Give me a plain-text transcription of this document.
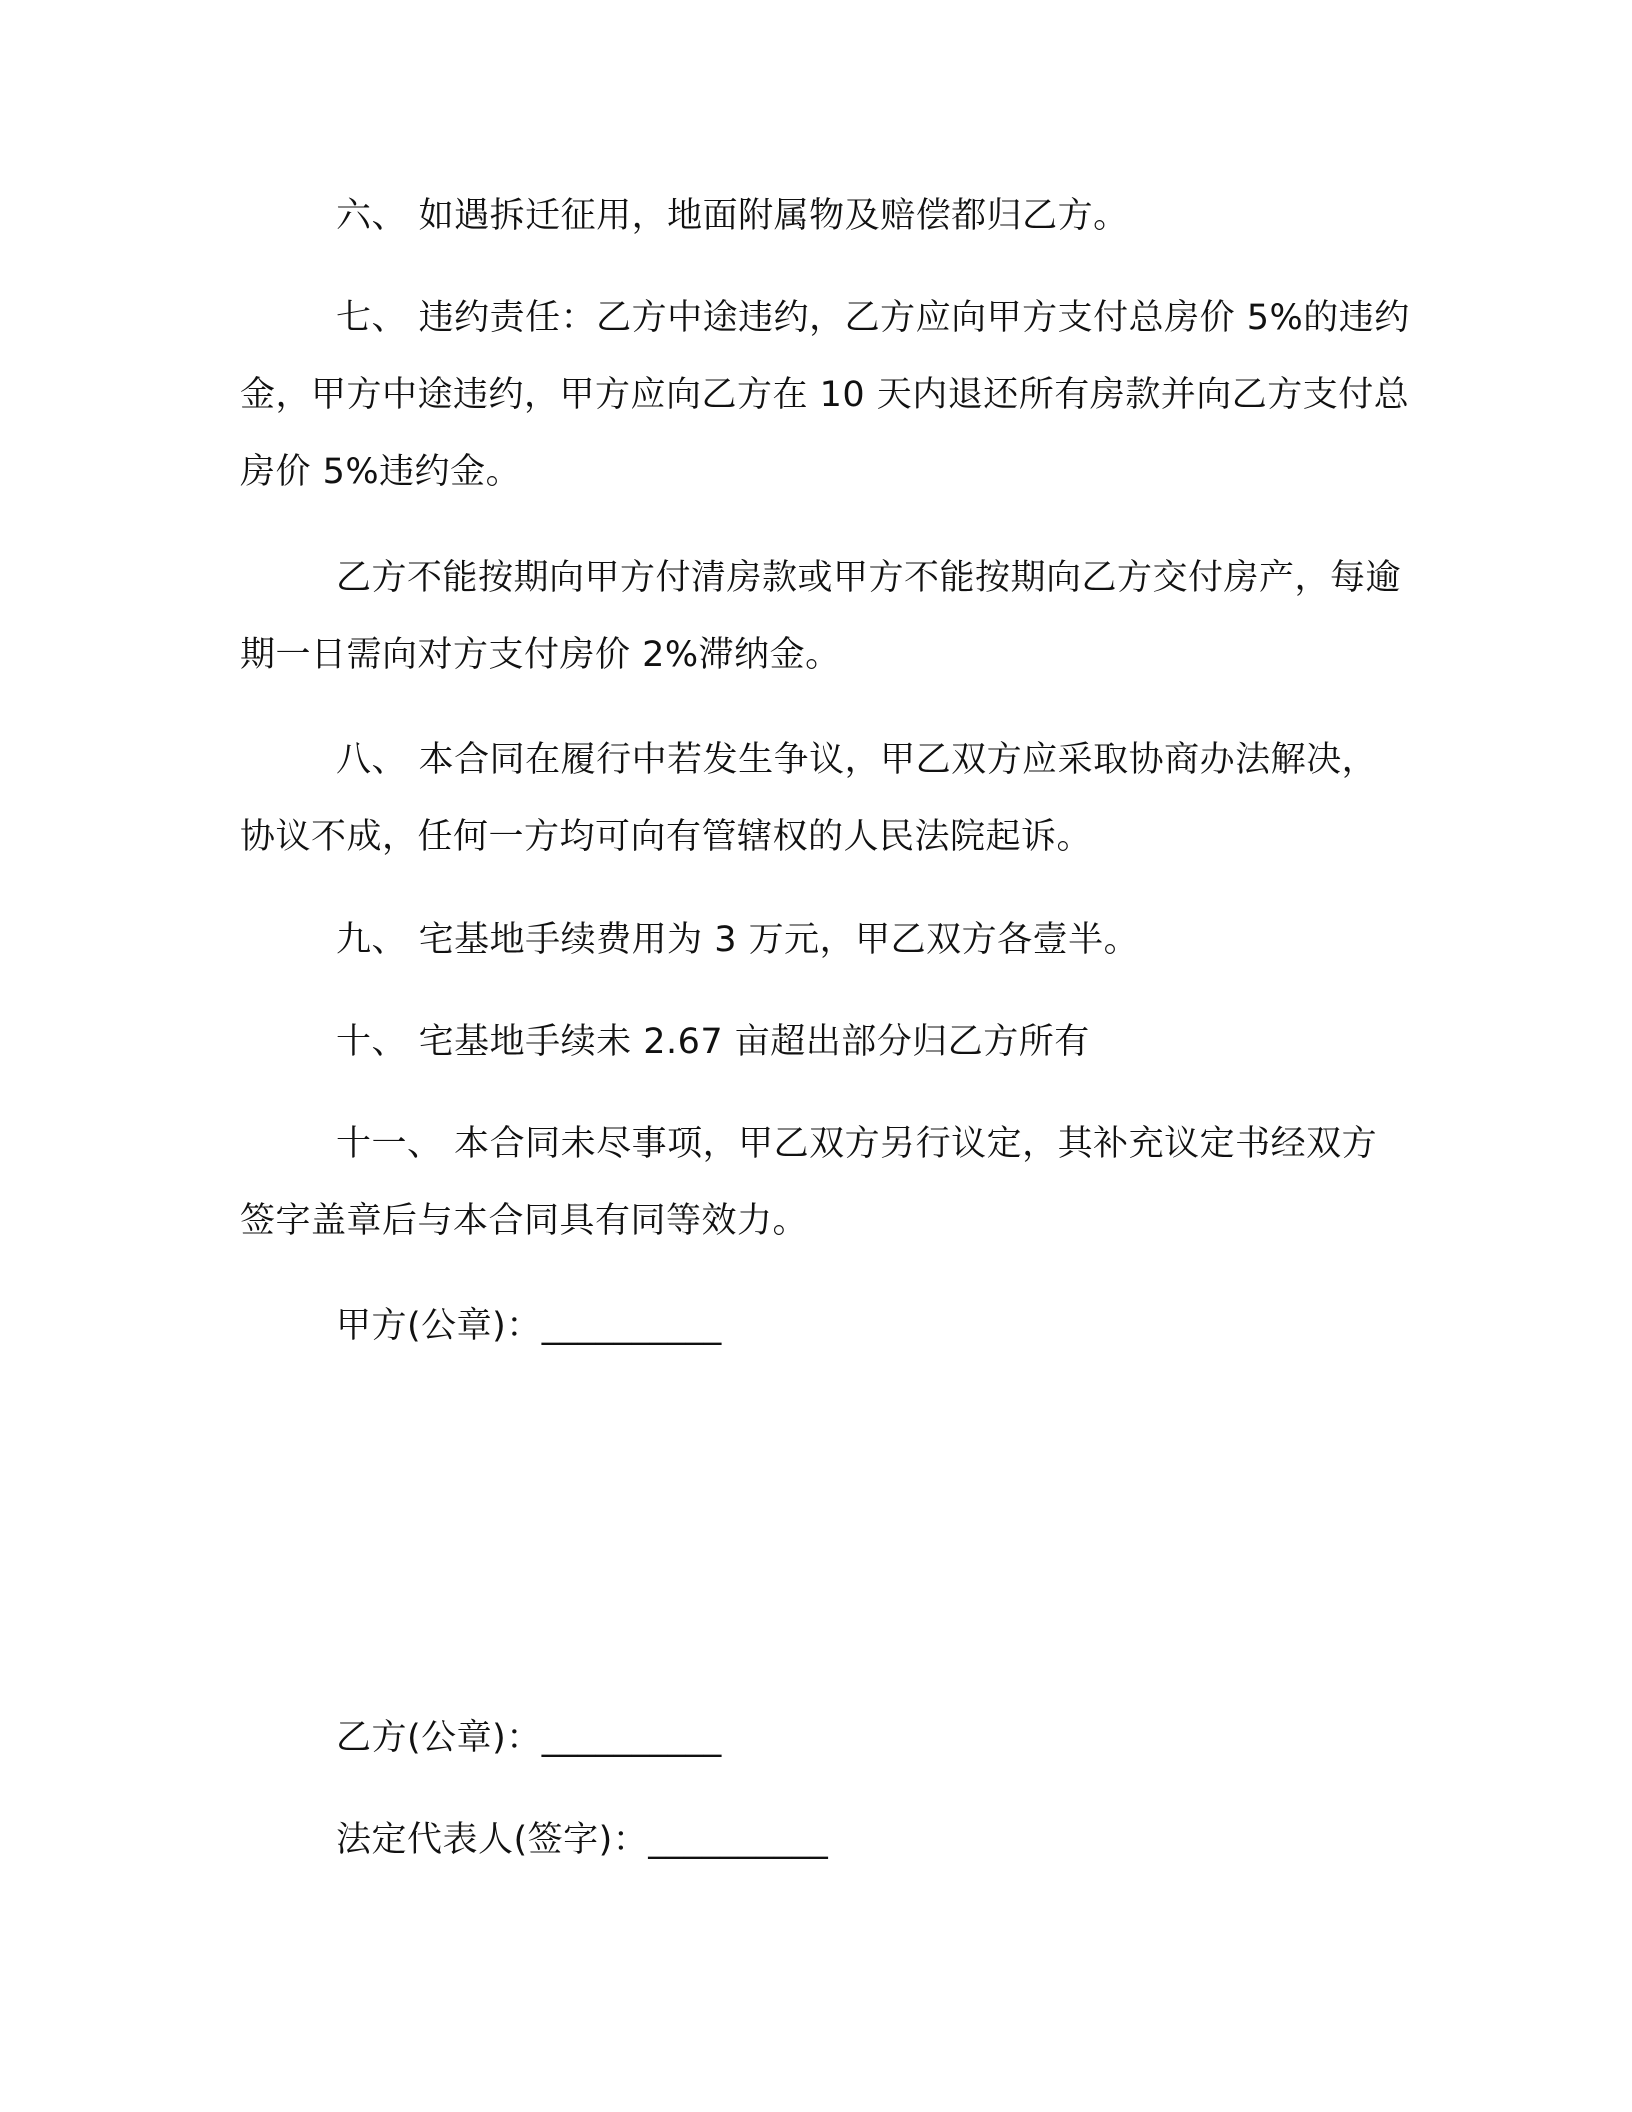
六、 如遇拆迁征用，地面附属物及赔偿都归乙方。
七、 违约责任：乙方中途违约，乙方应向甲方支付总房价 5%的违约金，甲方中途违约，甲方应向乙方在 10 天内退还所有房款并向乙方支付总房价 5%违约金。
乙方不能按期向甲方付清房款或甲方不能按期向乙方交付房产，每逾期一日需向对方支付房价 2%滞纳金。
八、 本合同在履行中若发生争议，甲乙双方应采取协商办法解决，协议不成，任何一方均可向有管辖权的人民法院起诉。
九、 宅基地手续费用为 3 万元，甲乙双方各壹半。
十、 宅基地手续未 2.67 亩超出部分归乙方所有
十一、 本合同未尽事项，甲乙双方另行议定，其补充议定书经双方签字盖章后与本合同具有同等效力。
甲方(公章)：__________
乙方(公章)：__________
法定代表人(签字)：__________
